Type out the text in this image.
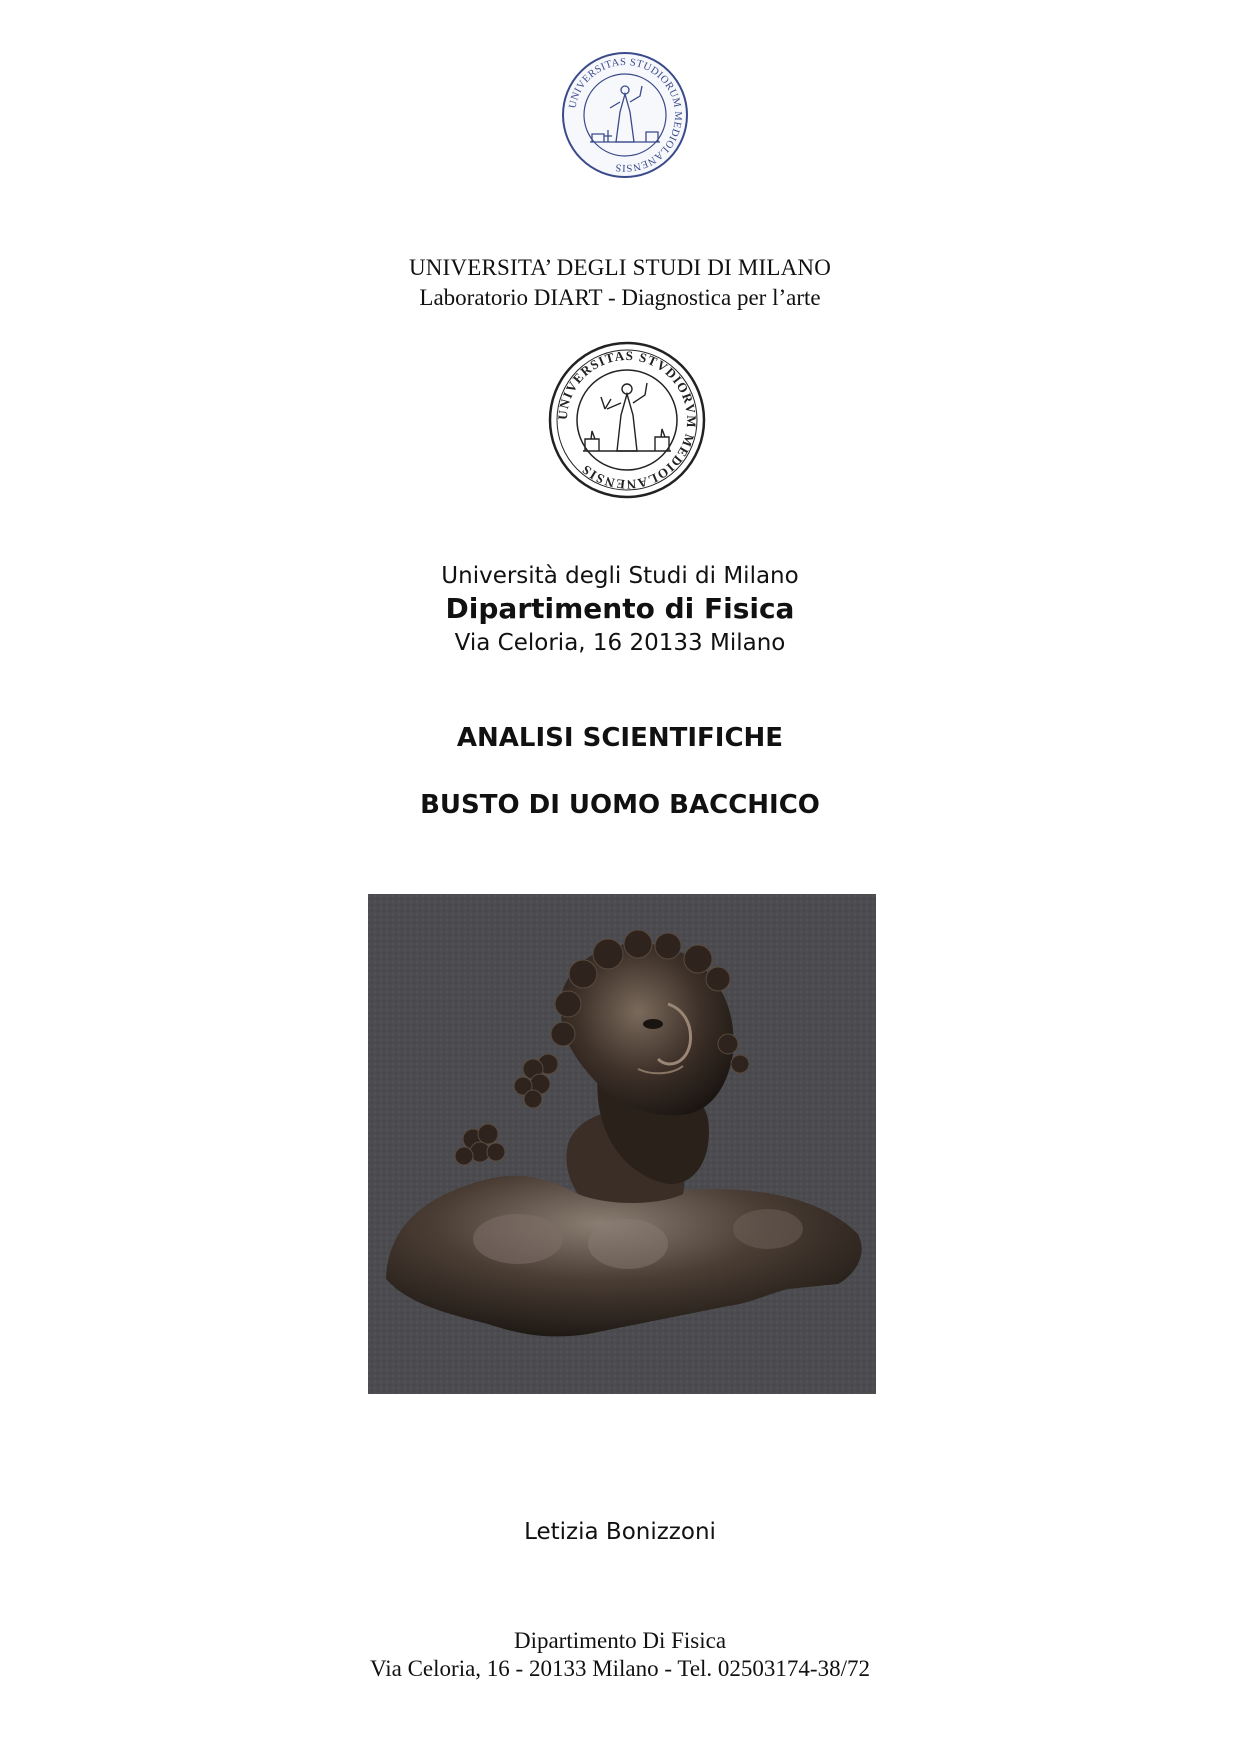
UNIVERSITAS STUDIORUM MEDIOLANENSIS
UNIVERSITA’ DEGLI STUDI DI MILANO
Laboratorio DIART - Diagnostica per l’arte
UNIVERSITAS STVDIORVM MEDIOLANENSIS
Università degli Studi di Milano
Dipartimento di Fisica
Via Celoria, 16 20133 Milano
ANALISI SCIENTIFICHE
BUSTO DI UOMO BACCHICO
Letizia Bonizzoni
Dipartimento Di Fisica
Via Celoria, 16 - 20133 Milano - Tel. 02503174-38/72
